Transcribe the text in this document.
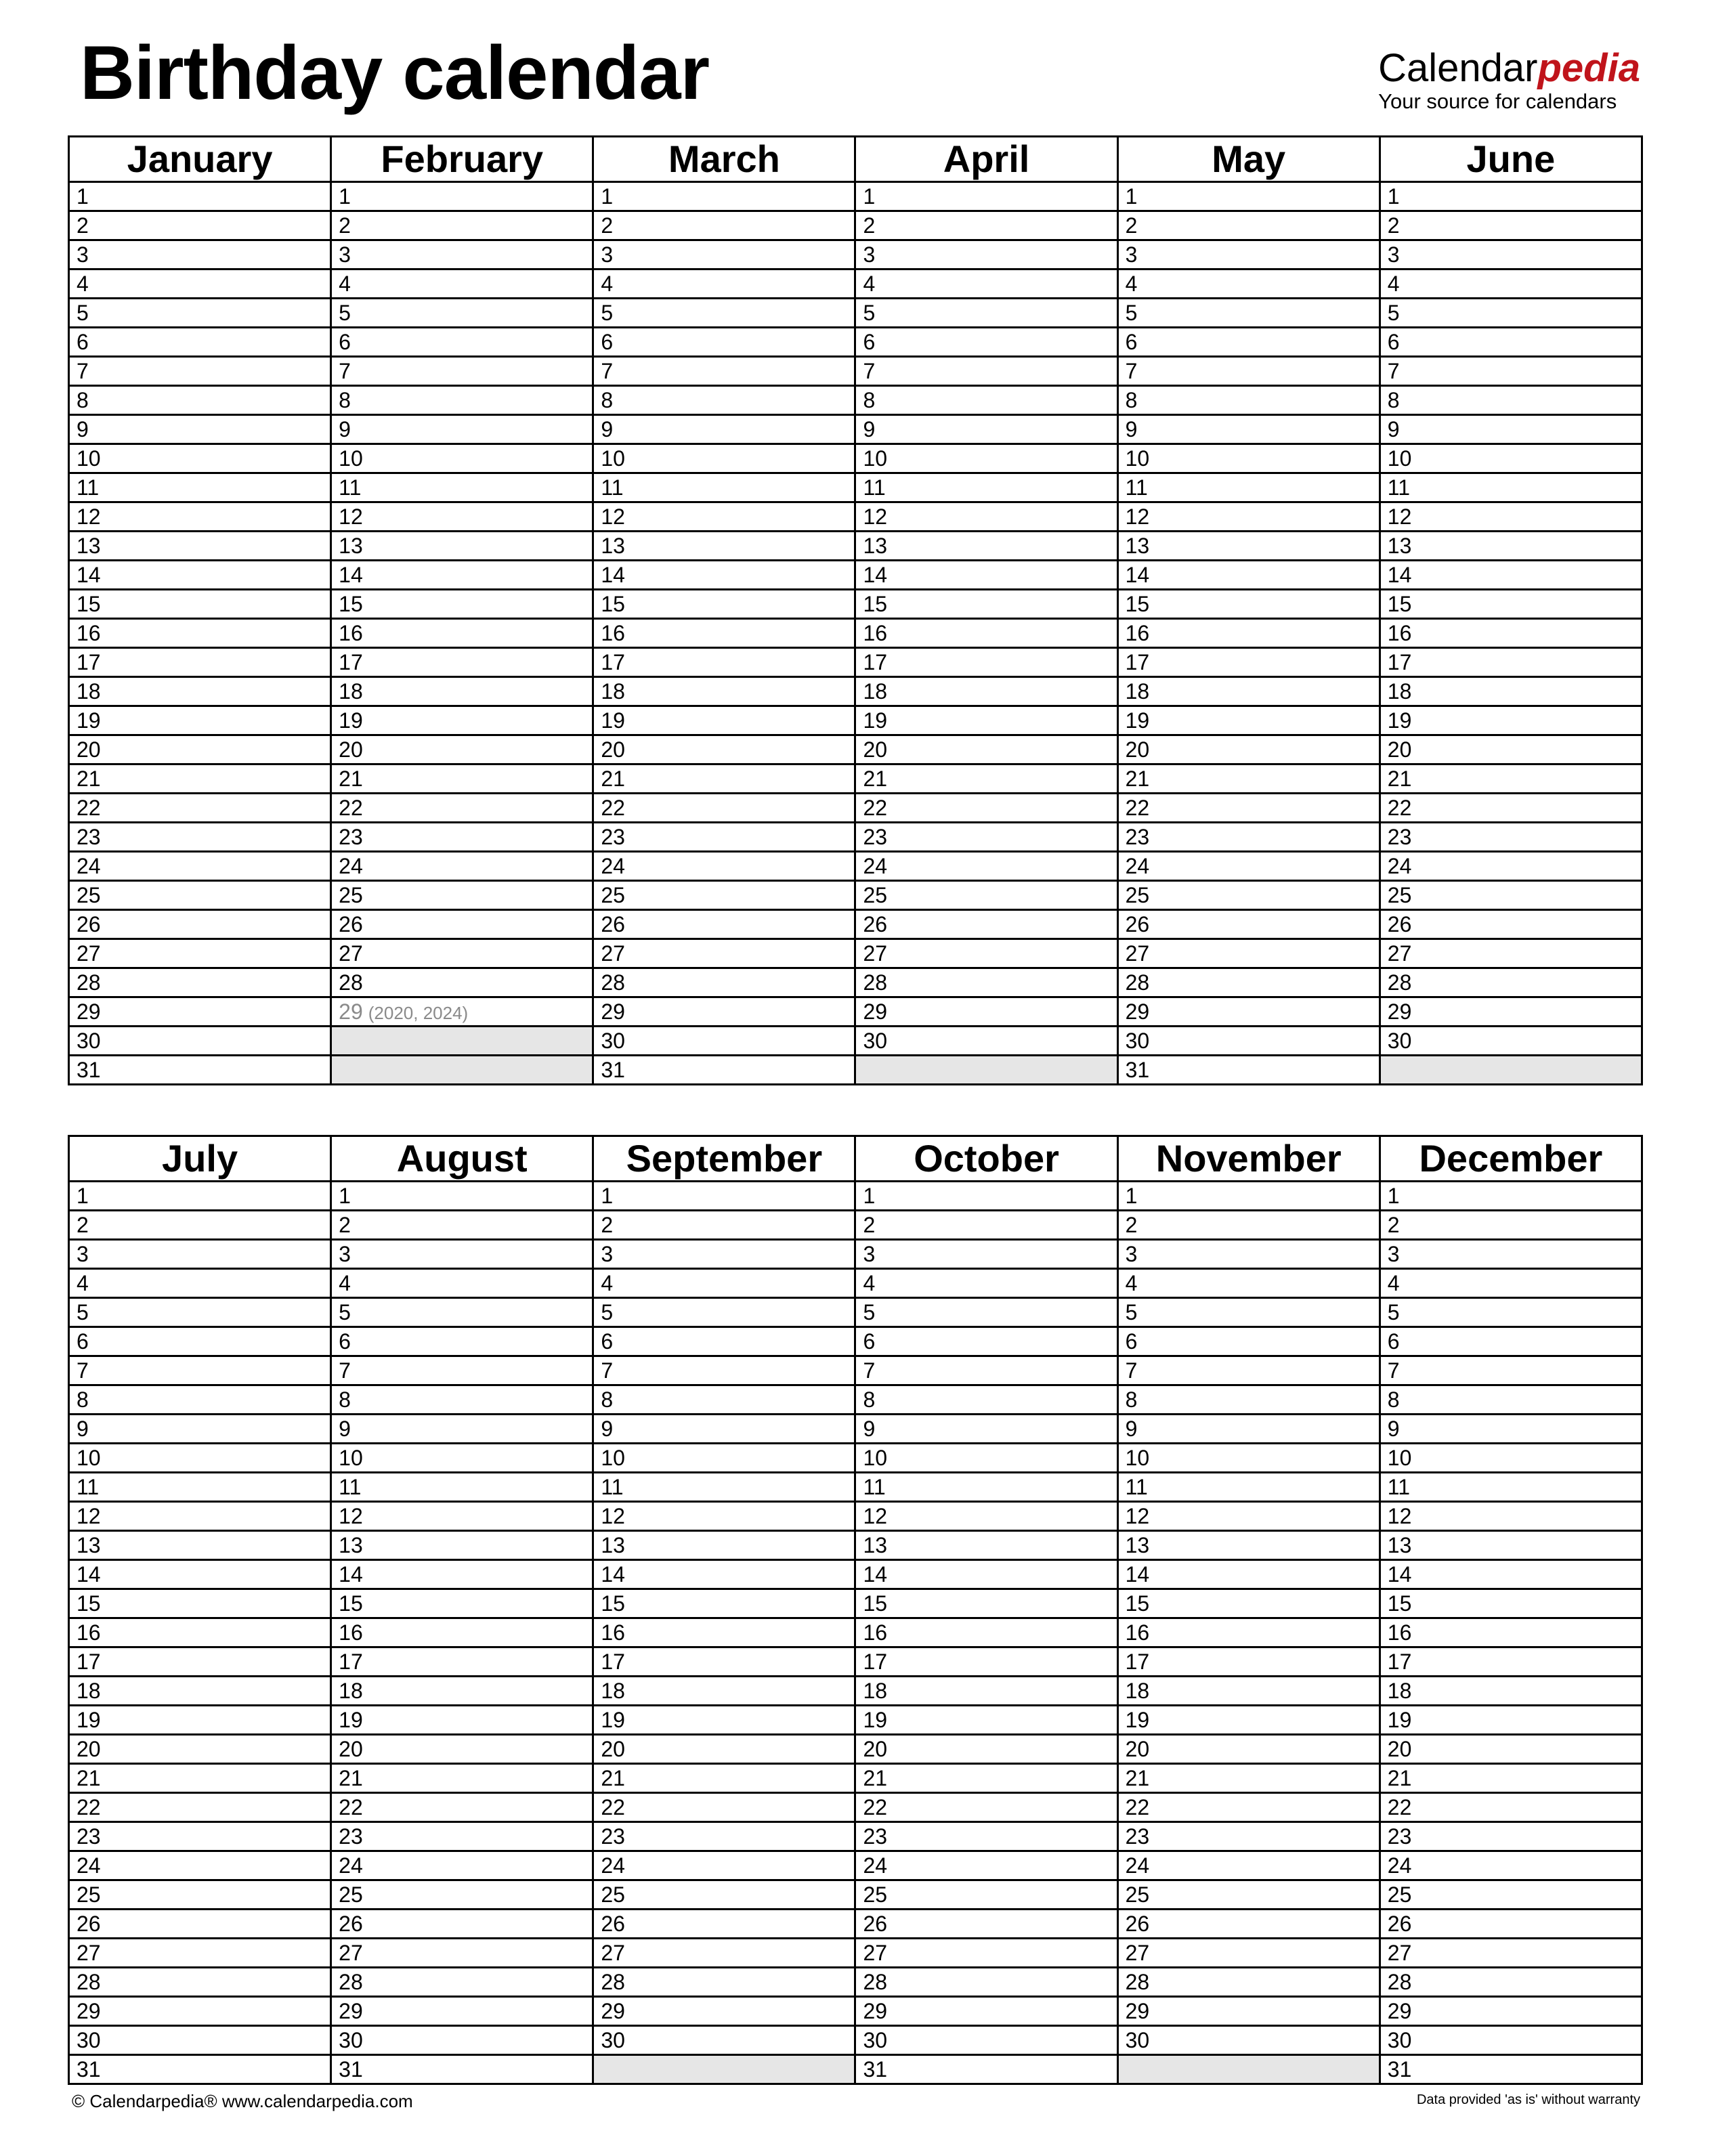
Birthday calendar	Calendarpedia
Your source for calendars
January	February	March	April	May	June
1	1	1	1	1	1
2	2	2	2	2	2
3	3	3	3	3	3
4	4	4	4	4	4
5	5	5	5	5	5
6	6	6	6	6	6
7	7	7	7	7	7
8	8	8	8	8	8
9	9	9	9	9	9
10	10	10	10	10	10
11	11	11	11	11	11
12	12	12	12	12	12
13	13	13	13	13	13
14	14	14	14	14	14
15	15	15	15	15	15
16	16	16	16	16	16
17	17	17	17	17	17
18	18	18	18	18	18
19	19	19	19	19	19
20	20	20	20	20	20
21	21	21	21	21	21
22	22	22	22	22	22
23	23	23	23	23	23
24	24	24	24	24	24
25	25	25	25	25	25
26	26	26	26	26	26
27	27	27	27	27	27
28	28	28	28	28	28
29	29 (2020, 2024)	29	29	29	29
30		30	30	30	30
31		31		31	
July	August	September	October	November	December
1	1	1	1	1	1
2	2	2	2	2	2
3	3	3	3	3	3
4	4	4	4	4	4
5	5	5	5	5	5
6	6	6	6	6	6
7	7	7	7	7	7
8	8	8	8	8	8
9	9	9	9	9	9
10	10	10	10	10	10
11	11	11	11	11	11
12	12	12	12	12	12
13	13	13	13	13	13
14	14	14	14	14	14
15	15	15	15	15	15
16	16	16	16	16	16
17	17	17	17	17	17
18	18	18	18	18	18
19	19	19	19	19	19
20	20	20	20	20	20
21	21	21	21	21	21
22	22	22	22	22	22
23	23	23	23	23	23
24	24	24	24	24	24
25	25	25	25	25	25
26	26	26	26	26	26
27	27	27	27	27	27
28	28	28	28	28	28
29	29	29	29	29	29
30	30	30	30	30	30
31	31		31		31
© Calendarpedia® www.calendarpedia.com	Data provided 'as is' without warranty
